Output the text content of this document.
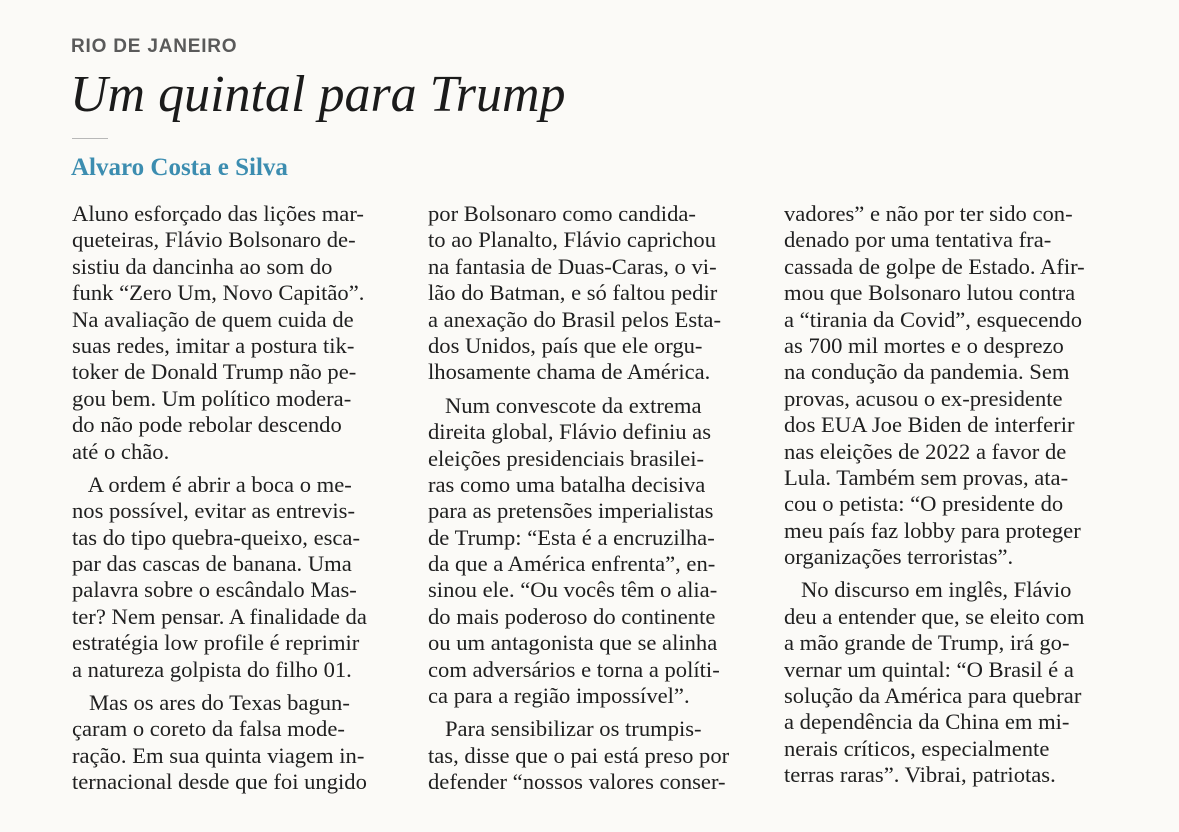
RIO DE JANEIRO
Um quintal para Trump
Alvaro Costa e Silva
Aluno esforçado das lições mar-
queteiras, Flávio Bolsonaro de-
sistiu da dancinha ao som do
funk “Zero Um, Novo Capitão”.
Na avaliação de quem cuida de
suas redes, imitar a postura tik-
toker de Donald Trump não pe-
gou bem. Um político modera-
do não pode rebolar descendo
até o chão.
A ordem é abrir a boca o me-
nos possível, evitar as entrevis-
tas do tipo quebra-queixo, esca-
par das cascas de banana. Uma
palavra sobre o escândalo Mas-
ter? Nem pensar. A finalidade da
estratégia low profile é reprimir
a natureza golpista do filho 01.
Mas os ares do Texas bagun-
çaram o coreto da falsa mode-
ração. Em sua quinta viagem in-
ternacional desde que foi ungido
por Bolsonaro como candida-
to ao Planalto, Flávio caprichou
na fantasia de Duas-Caras, o vi-
lão do Batman, e só faltou pedir
a anexação do Brasil pelos Esta-
dos Unidos, país que ele orgu-
lhosamente chama de América.
Num convescote da extrema
direita global, Flávio definiu as
eleições presidenciais brasilei-
ras como uma batalha decisiva
para as pretensões imperialistas
de Trump: “Esta é a encruzilha-
da que a América enfrenta”, en-
sinou ele. “Ou vocês têm o alia-
do mais poderoso do continente
ou um antagonista que se alinha
com adversários e torna a políti-
ca para a região impossível”.
Para sensibilizar os trumpis-
tas, disse que o pai está preso por
defender “nossos valores conser-
vadores” e não por ter sido con-
denado por uma tentativa fra-
cassada de golpe de Estado. Afir-
mou que Bolsonaro lutou contra
a “tirania da Covid”, esquecendo
as 700 mil mortes e o desprezo
na condução da pandemia. Sem
provas, acusou o ex-presidente
dos EUA Joe Biden de interferir
nas eleições de 2022 a favor de
Lula. Também sem provas, ata-
cou o petista: “O presidente do
meu país faz lobby para proteger
organizações terroristas”.
No discurso em inglês, Flávio
deu a entender que, se eleito com
a mão grande de Trump, irá go-
vernar um quintal: “O Brasil é a
solução da América para quebrar
a dependência da China em mi-
nerais críticos, especialmente
terras raras”. Vibrai, patriotas.
